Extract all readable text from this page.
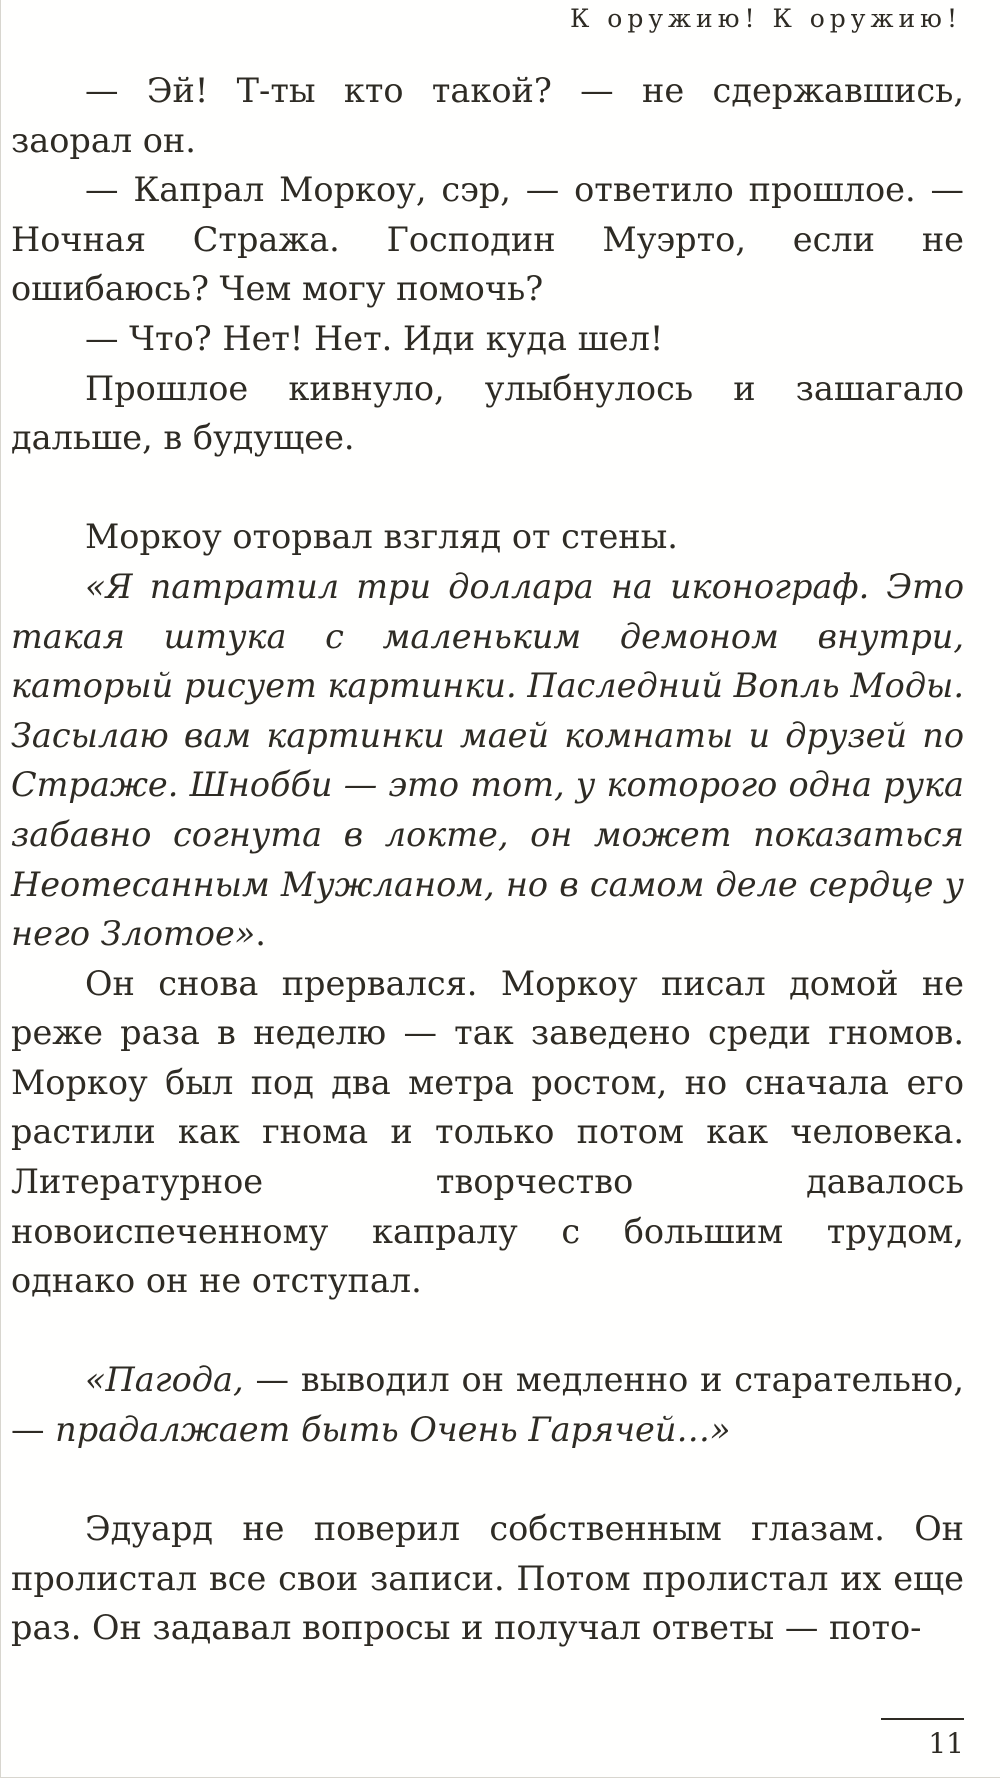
К оружию! К оружию!

— Эй! Т-ты кто такой? — не сдержавшись, заорал он.

— Капрал Моркоу, сэр, — ответило прошлое. — Ночная Стража. Господин Муэрто, если не ошибаюсь? Чем могу помочь?

— Что? Нет! Нет. Иди куда шел!

Прошлое кивнуло, улыбнулось и зашагало дальше, в будущее.

Моркоу оторвал взгляд от стены.

«Я патратил три доллара на иконограф. Это такая штука с маленьким демоном внутри, каторый рисует картинки. Паследний Вопль Моды. Засылаю вам картинки маей комнаты и друзей по Страже. Шнобби — это тот, у которого одна рука забавно согнута в локте, он может показаться Неотесанным Мужланом, но в самом деле сердце у него Злотое».

Он снова прервался. Моркоу писал домой не реже раза в неделю — так заведено среди гномов. Моркоу был под два метра ростом, но сначала его растили как гнома и только потом как человека. Литературное творчество давалось новоиспеченному капралу с большим трудом, однако он не отступал.

«Пагода, — выводил он медленно и старательно, — прадалжает быть Очень Гарячей…»

Эдуард не поверил собственным глазам. Он пролистал все свои записи. Потом пролистал их еще раз. Он задавал вопросы и получал ответы — пото-

11
